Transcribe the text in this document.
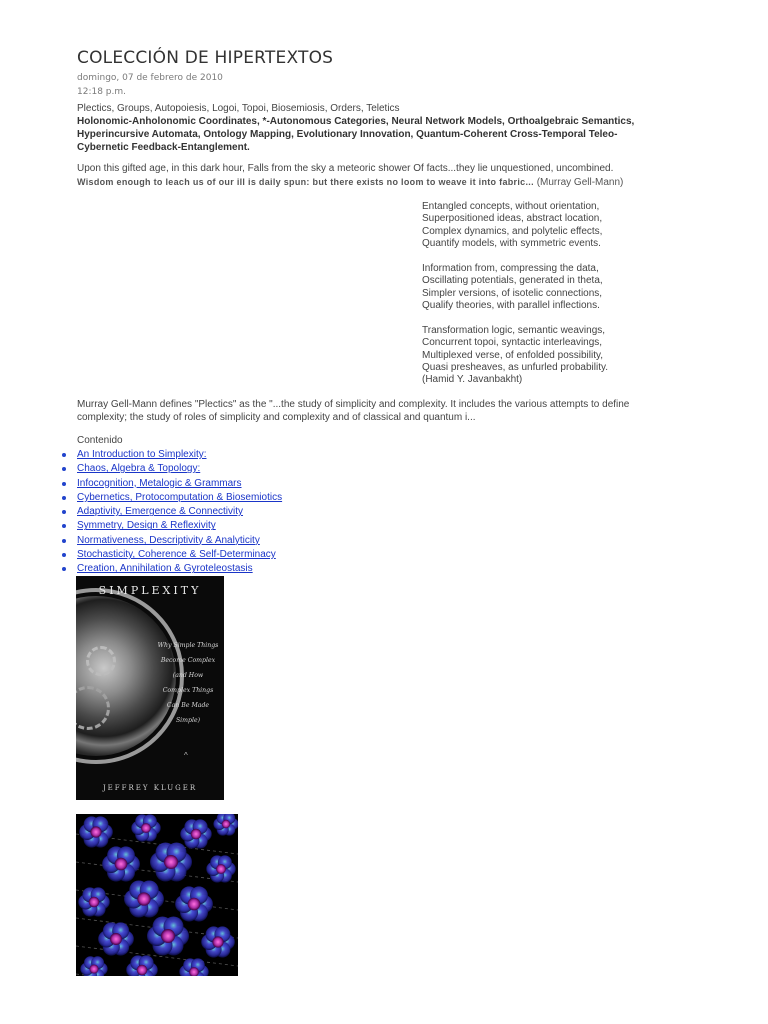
COLECCIÓN DE HIPERTEXTOS
domingo, 07 de febrero de 2010
12:18 p.m.
Plectics, Groups, Autopoiesis, Logoi, Topoi, Biosemiosis, Orders, Teletics
Holonomic-Anholonomic Coordinates, *-Autonomous Categories, Neural Network Models, Orthoalgebraic Semantics, Hyperincursive Automata, Ontology Mapping, Evolutionary Innovation, Quantum-Coherent Cross-Temporal Teleo-Cybernetic Feedback-Entanglement.
Upon this gifted age, in this dark hour, Falls from the sky a meteoric shower Of facts...they lie unquestioned, uncombined.
Wisdom enough to leach us of our ill is daily spun: but there exists no loom to weave it into fabric... (Murray Gell-Mann)
Entangled concepts, without orientation,
Superpositioned ideas, abstract location,
Complex dynamics, and polytelic effects,
Quantify models, with symmetric events.
Information from, compressing the data,
Oscillating potentials, generated in theta,
Simpler versions, of isotelic connections,
Qualify theories, with parallel inflections.
Transformation logic, semantic weavings,
Concurrent topoi, syntactic interleavings,
Multiplexed verse, of enfolded possibility,
Quasi presheaves, as unfurled probability.
(Hamid Y. Javanbakht)
Murray Gell-Mann defines "Plectics" as the "...the study of simplicity and complexity. It includes the various attempts to define complexity; the study of roles of simplicity and complexity and of classical and quantum i...
Contenido
An Introduction to Simplexity:
Chaos, Algebra & Topology:
Infocognition, Metalogic & Grammars
Cybernetics, Protocomputation & Biosemiotics
Adaptivity, Emergence & Connectivity
Symmetry, Design & Reflexivity
Normativeness, Descriptivity & Analyticity
Stochasticity, Coherence & Self-Determinacy
Creation, Annihilation & Gyroteleostasis
SIMPLEXITY
Why Simple Things
Become Complex
(and How
Complex Things
Can Be Made Simple)
^
JEFFREY KLUGER
